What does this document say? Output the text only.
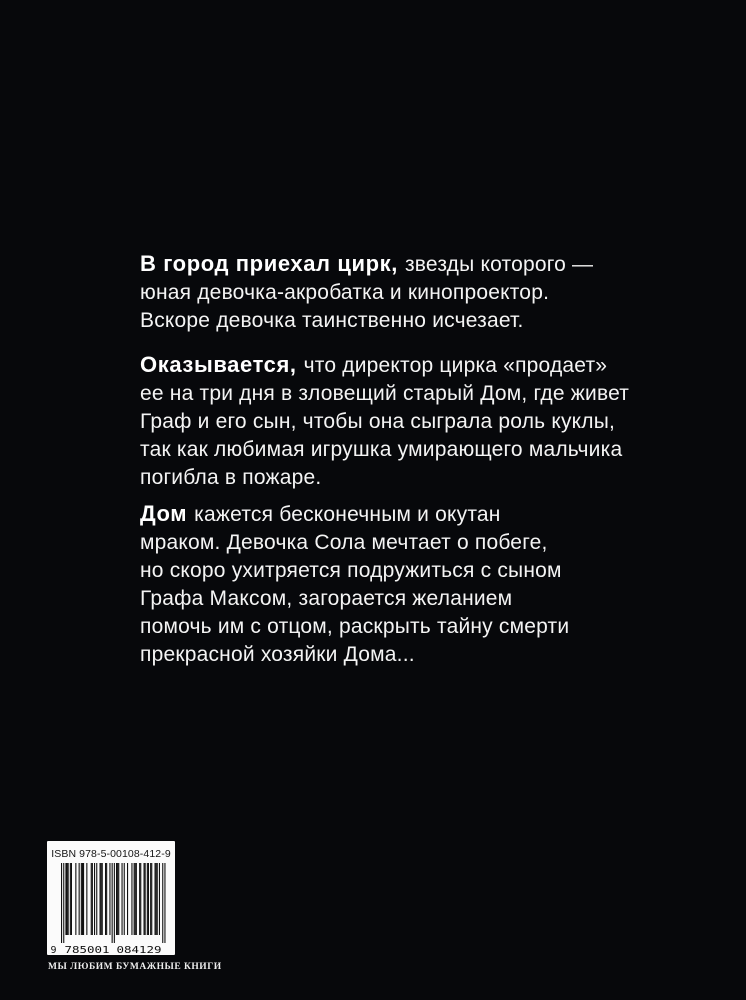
В город приехал цирк, звезды которого —
юная девочка-акробатка и кинопроектор.
Вскоре девочка таинственно исчезает.

Оказывается, что директор цирка «продает»
ее на три дня в зловещий старый Дом, где живет
Граф и его сын, чтобы она сыграла роль куклы,
так как любимая игрушка умирающего мальчика
погибла в пожаре.

Дом кажется бесконечным и окутан
мраком. Девочка Сола мечтает о побеге,
но скоро ухитряется подружиться с сыном
Графа Максом, загорается желанием
помочь им с отцом, раскрыть тайну смерти
прекрасной хозяйки Дома...

ISBN 978-5-00108-412-9
9 785001 084129
МЫ ЛЮБИМ БУМАЖНЫЕ КНИГИ
